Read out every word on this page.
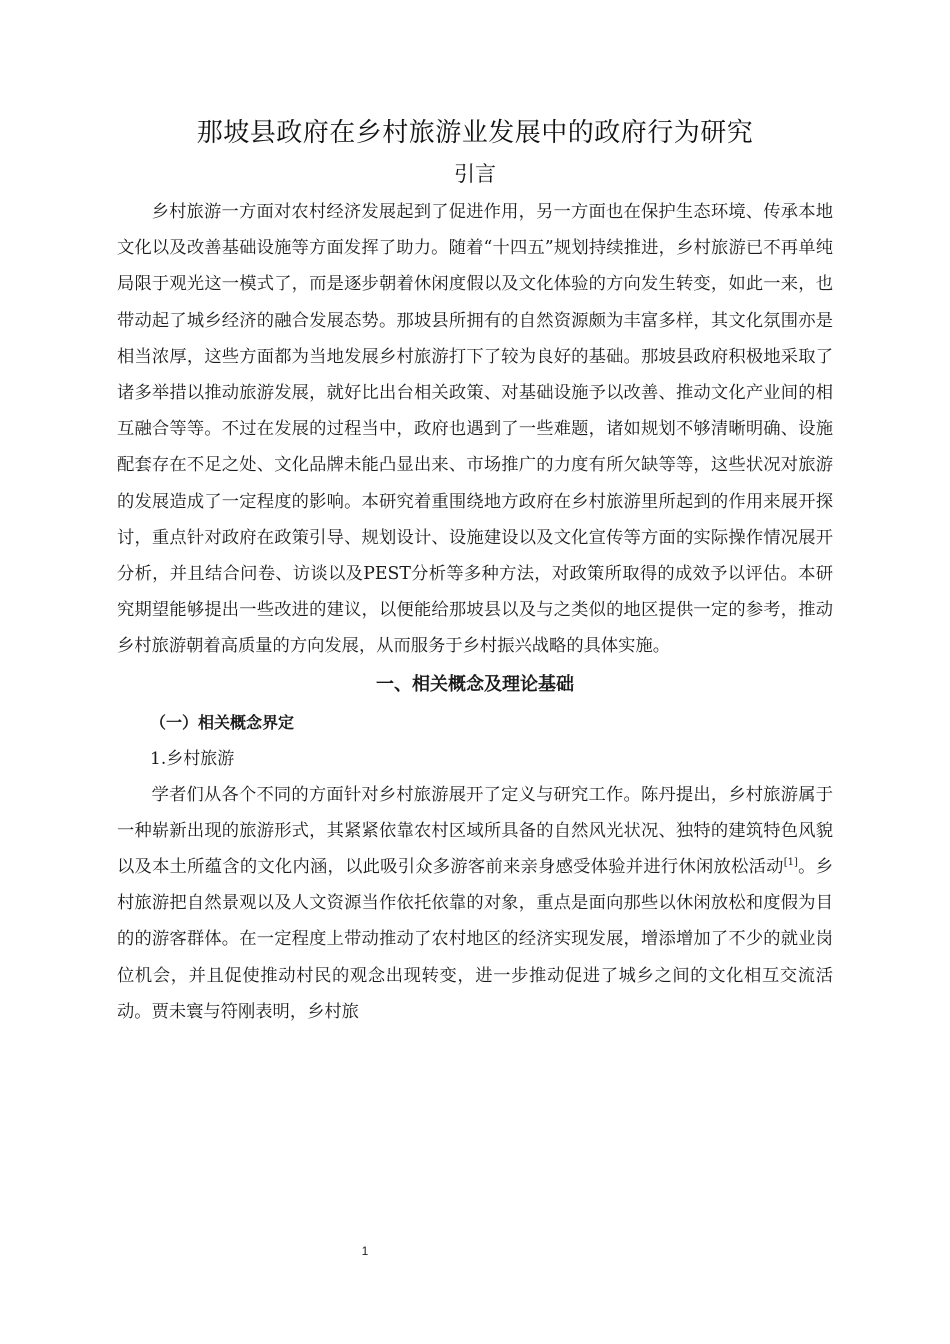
那坡县政府在乡村旅游业发展中的政府行为研究
引言

乡村旅游一方面对农村经济发展起到了促进作用，另一方面也在保护生态环境、传承本地文化以及改善基础设施等方面发挥了助力。随着“十四五”规划持续推进，乡村旅游已不再单纯局限于观光这一模式了，而是逐步朝着休闲度假以及文化体验的方向发生转变，如此一来，也带动起了城乡经济的融合发展态势。那坡县所拥有的自然资源颇为丰富多样，其文化氛围亦是相当浓厚，这些方面都为当地发展乡村旅游打下了较为良好的基础。那坡县政府积极地采取了诸多举措以推动旅游发展，就好比出台相关政策、对基础设施予以改善、推动文化产业间的相互融合等等。不过在发展的过程当中，政府也遇到了一些难题，诸如规划不够清晰明确、设施配套存在不足之处、文化品牌未能凸显出来、市场推广的力度有所欠缺等等，这些状况对旅游的发展造成了一定程度的影响。本研究着重围绕地方政府在乡村旅游里所起到的作用来展开探讨，重点针对政府在政策引导、规划设计、设施建设以及文化宣传等方面的实际操作情况展开分析，并且结合问卷、访谈以及PEST分析等多种方法，对政策所取得的成效予以评估。本研究期望能够提出一些改进的建议，以便能给那坡县以及与之类似的地区提供一定的参考，推动乡村旅游朝着高质量的方向发展，从而服务于乡村振兴战略的具体实施。

一、相关概念及理论基础
（一）相关概念界定
1.乡村旅游

学者们从各个不同的方面针对乡村旅游展开了定义与研究工作。陈丹提出，乡村旅游属于一种崭新出现的旅游形式，其紧紧依靠农村区域所具备的自然风光状况、独特的建筑特色风貌以及本土所蕴含的文化内涵，以此吸引众多游客前来亲身感受体验并进行休闲放松活动[1]。乡村旅游把自然景观以及人文资源当作依托依靠的对象，重点是面向那些以休闲放松和度假为目的的游客群体。在一定程度上带动推动了农村地区的经济实现发展，增添增加了不少的就业岗位机会，并且促使推动村民的观念出现转变，进一步推动促进了城乡之间的文化相互交流活动。贾未寰与符刚表明，乡村旅

1
